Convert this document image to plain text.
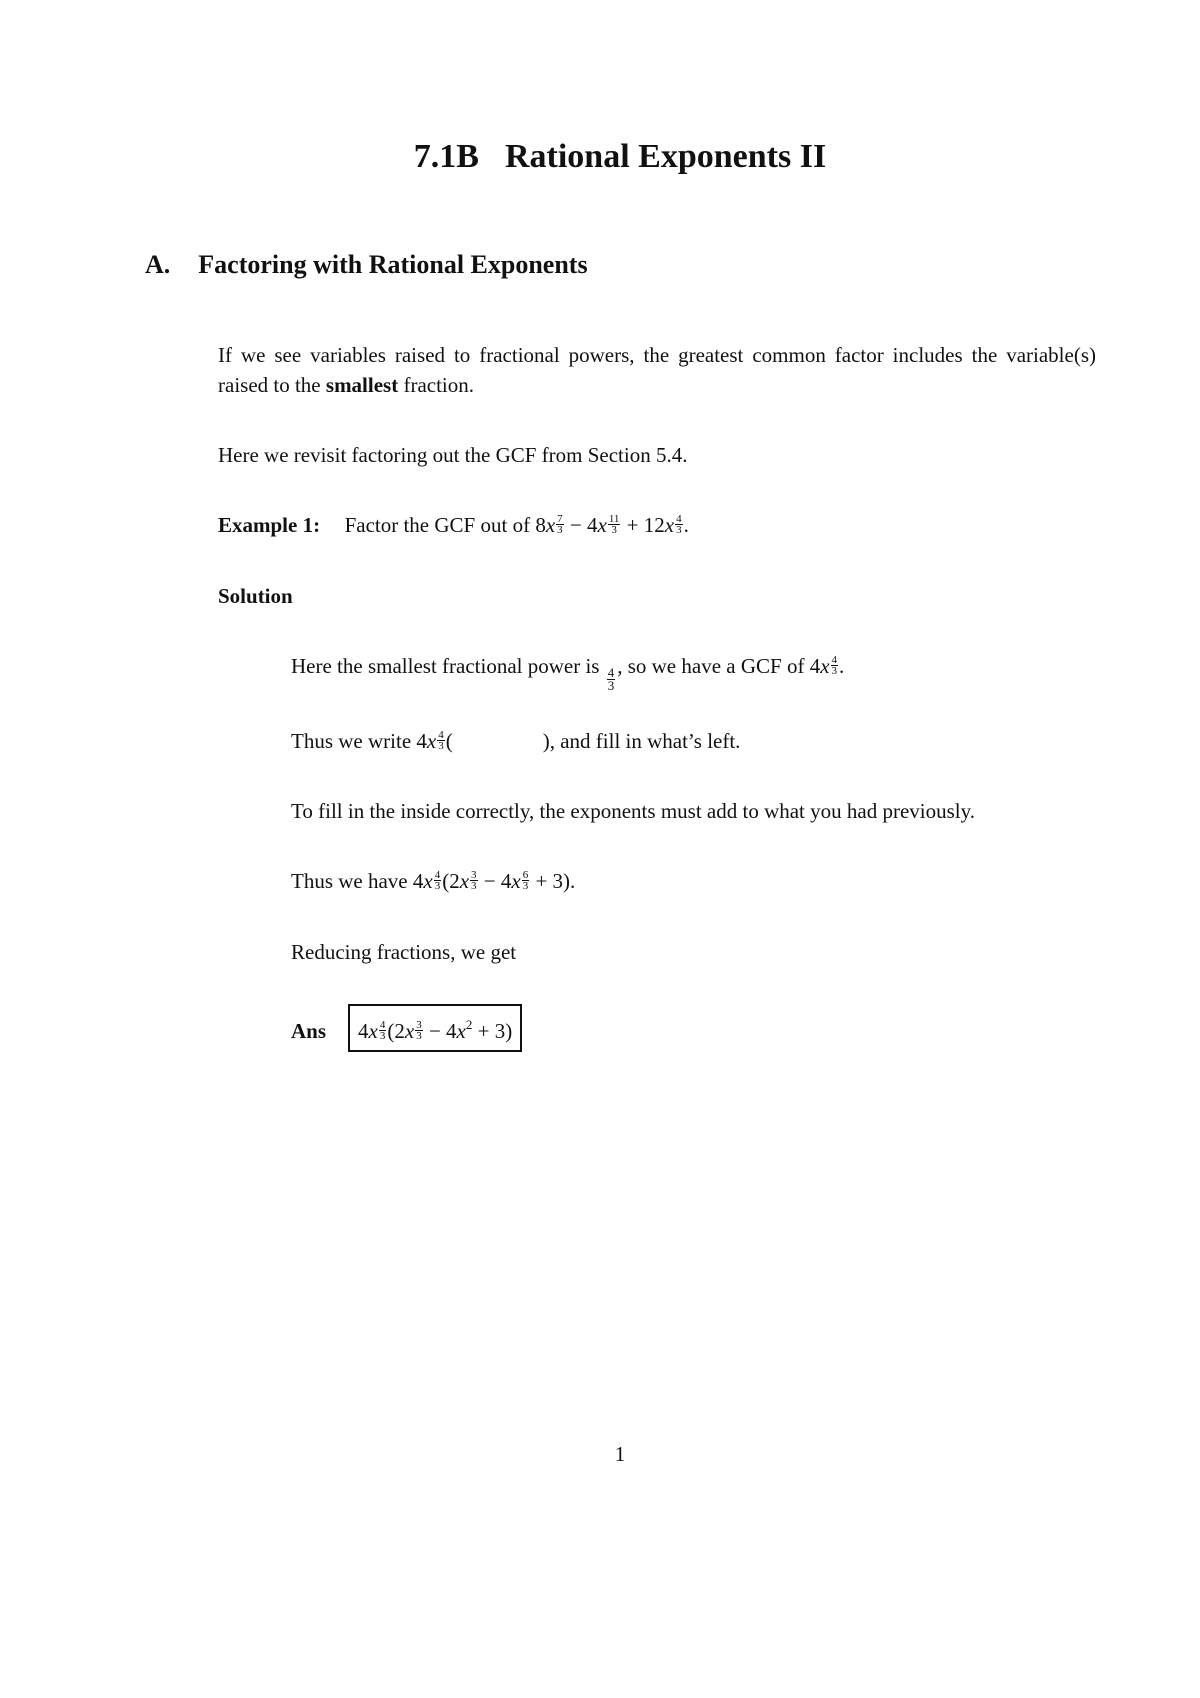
7.1B Rational Exponents II
A. Factoring with Rational Exponents
If we see variables raised to fractional powers, the greatest common factor includes the variable(s) raised to the smallest fraction.
Here we revisit factoring out the GCF from Section 5.4.
Example 1: Factor the GCF out of 8x $^{\frac{7}{3}}$ − 4x $^{\frac{11}{3}}$ + 12x $^{\frac{4}{3}}$ .
Solution
Here the smallest fractional power is
$\frac{4}{3}$
, so we have a GCF of 4x $^{\frac{4}{3}}$ .
Thus we write 4x $^{\frac{4}{3}}$ (	), and fill in what’s left.
To fill in the inside correctly, the exponents must add to what you had previously.
Thus we have 4x $^{\frac{4}{3}}$ (2x $^{\frac{3}{3}}$ − 4x $^{\frac{6}{3}}$ + 3).
Reducing fractions, we get
Ans 4x $^{\frac{4}{3}}$ (2x $^{\frac{3}{3}} - 4x^2 + 3$)
1
